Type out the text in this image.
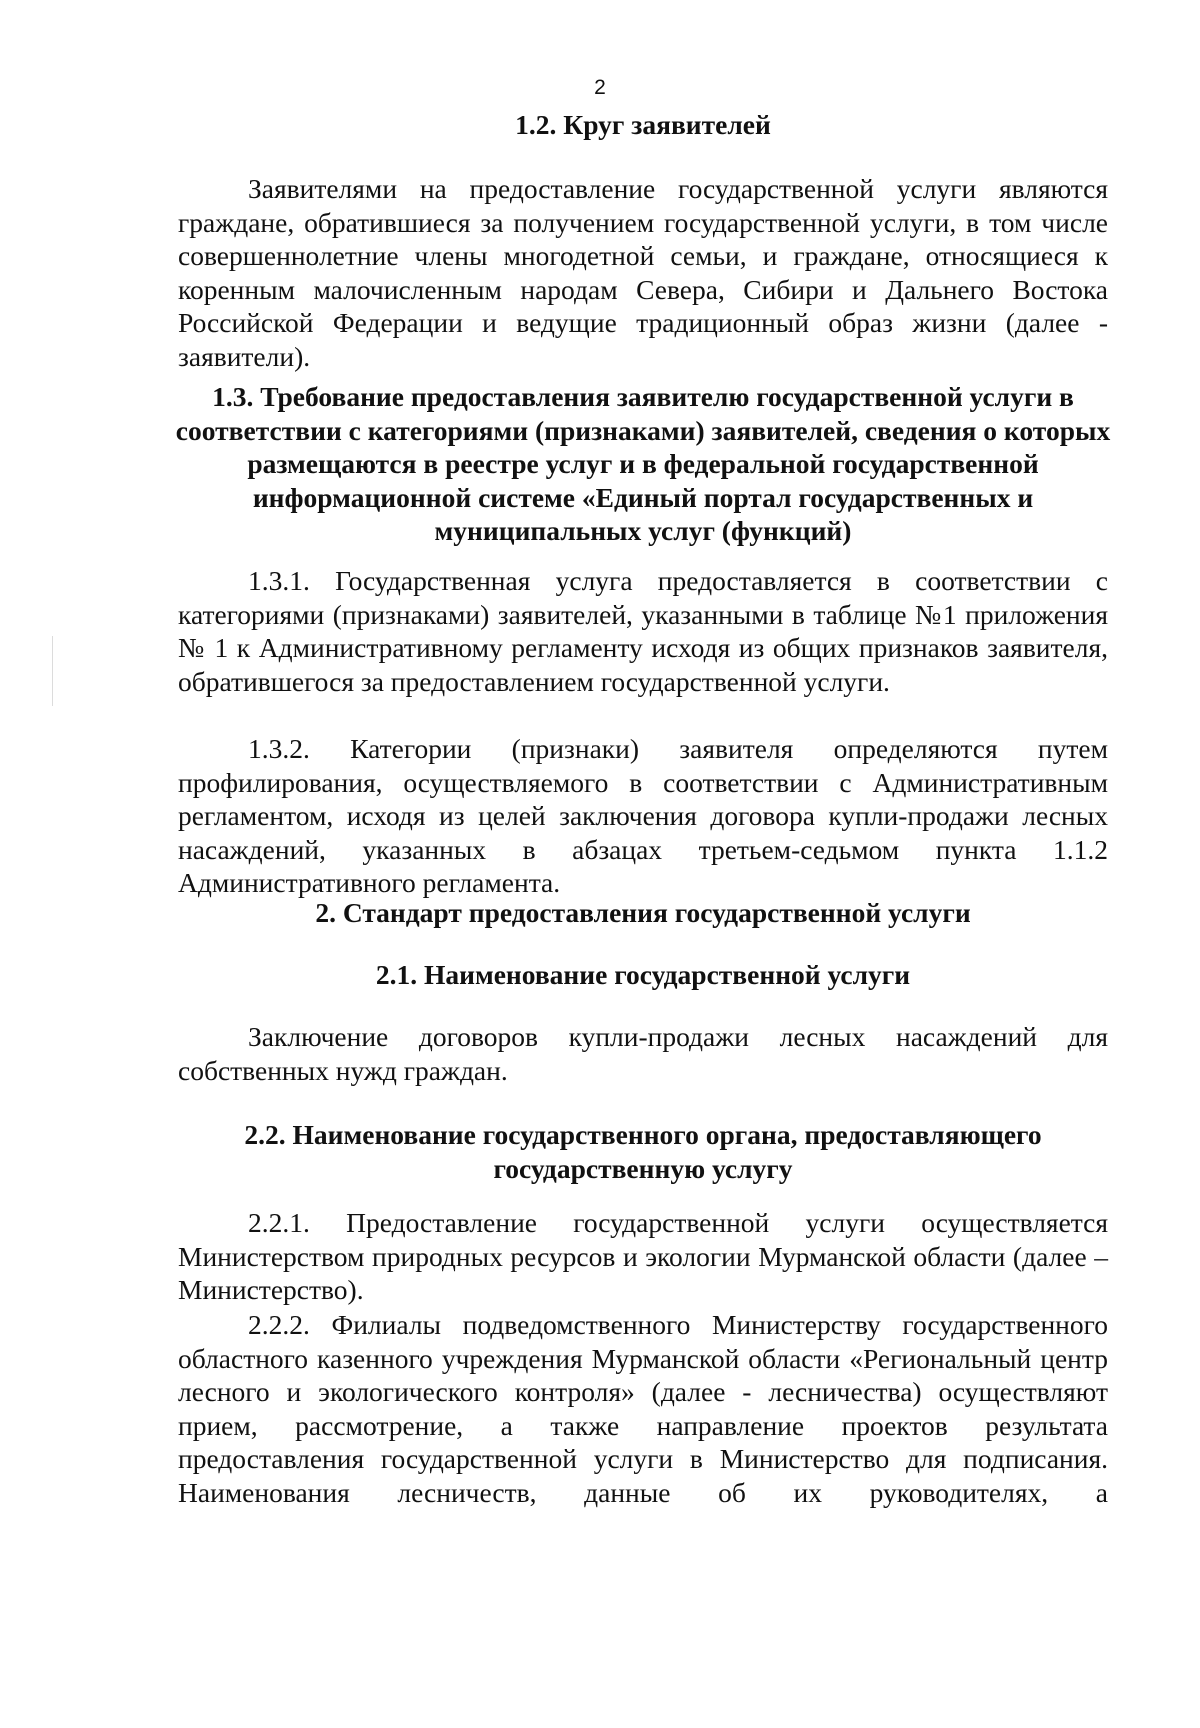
2
1.2. Круг заявителей

Заявителями на предоставление государственной услуги являются граждане, обратившиеся за получением государственной услуги, в том числе совершеннолетние члены многодетной семьи, и граждане, относящиеся к коренным малочисленным народам Севера, Сибири и Дальнего Востока Российской Федерации и ведущие традиционный образ жизни (далее - заявители).

1.3. Требование предоставления заявителю государственной услуги в соответствии с категориями (признаками) заявителей, сведения о которых размещаются в реестре услуг и в федеральной государственной информационной системе «Единый портал государственных и муниципальных услуг (функций)

1.3.1. Государственная услуга предоставляется в соответствии с категориями (признаками) заявителей, указанными в таблице №1 приложения № 1 к Административному регламенту исходя из общих признаков заявителя, обратившегося за предоставлением государственной услуги.

1.3.2. Категории (признаки) заявителя определяются путем профилирования, осуществляемого в соответствии с Административным регламентом, исходя из целей заключения договора купли-продажи лесных насаждений, указанных в абзацах третьем-седьмом пункта 1.1.2 Административного регламента.

2. Стандарт предоставления государственной услуги
2.1. Наименование государственной услуги

Заключение договоров купли-продажи лесных насаждений для собственных нужд граждан.

2.2. Наименование государственного органа, предоставляющего государственную услугу

2.2.1. Предоставление государственной услуги осуществляется Министерством природных ресурсов и экологии Мурманской области (далее – Министерство).

2.2.2. Филиалы подведомственного Министерству государственного областного казенного учреждения Мурманской области «Региональный центр лесного и экологического контроля» (далее - лесничества) осуществляют прием, рассмотрение, а также направление проектов результата предоставления государственной услуги в Министерство для подписания. Наименования лесничеств, данные об их руководителях, а
